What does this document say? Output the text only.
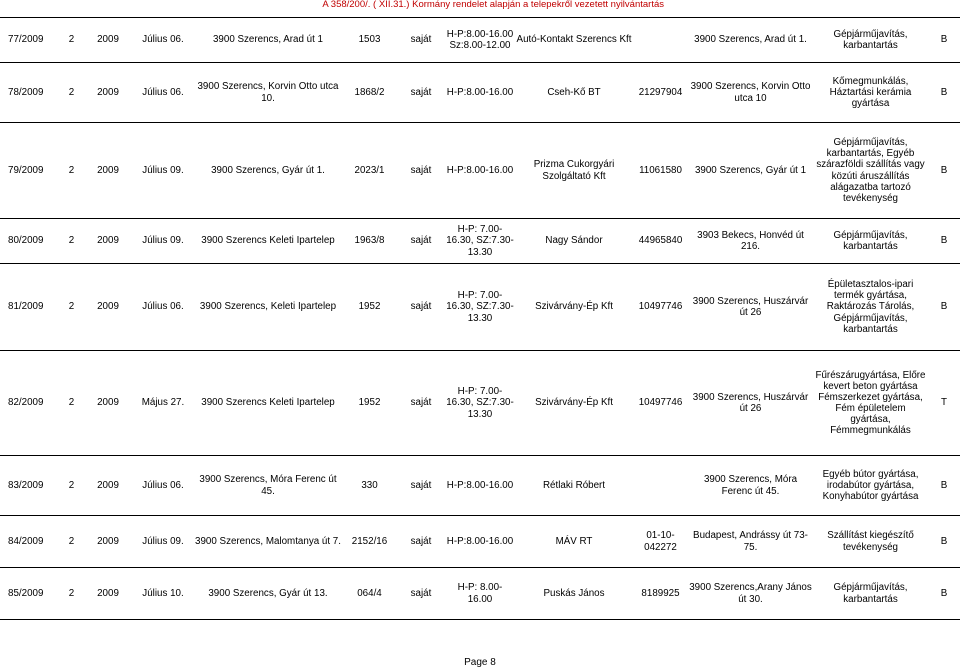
A 358/200/. ( XII.31.) Kormány rendelet alapján a telepekről vezetett nyilvántartás
77/2009	2	2009	Július 06.	3900 Szerencs, Arad út 1	1503	saját	H-P:8.00-16.00 Sz:8.00-12.00	Autó-Kontakt Szerencs Kft		3900 Szerencs, Arad út 1.	Gépjárműjavítás, karbantartás	B
78/2009	2	2009	Július 06.	3900 Szerencs, Korvin Otto utca 10.	1868/2	saját	H-P:8.00-16.00	Cseh-Kő BT	21297904	3900 Szerencs, Korvin Otto utca 10	Kőmegmunkálás, Háztartási kerámia gyártása	B
79/2009	2	2009	Július 09.	3900 Szerencs, Gyár út 1.	2023/1	saját	H-P:8.00-16.00	Prizma Cukorgyári Szolgáltató Kft	11061580	3900 Szerencs, Gyár út 1	Gépjárműjavítás, karbantartás, Egyéb szárazföldi szállítás vagy közúti áruszállítás alágazatba tartozó tevékenység	B
80/2009	2	2009	Július 09.	3900 Szerencs Keleti Ipartelep	1963/8	saját	H-P: 7.00-16.30, SZ:7.30-13.30	Nagy Sándor	44965840	3903 Bekecs, Honvéd út 216.	Gépjárműjavítás, karbantartás	B
81/2009	2	2009	Július 06.	3900 Szerencs, Keleti Ipartelep	1952	saját	H-P: 7.00-16.30, SZ:7.30-13.30	Szivárvány-Ép Kft	10497746	3900 Szerencs, Huszárvár út 26	Épületasztalos-ipari termék gyártása, Raktározás Tárolás, Gépjárműjavítás, karbantartás	B
82/2009	2	2009	Május 27.	3900 Szerencs Keleti Ipartelep	1952	saját	H-P: 7.00-16.30, SZ:7.30-13.30	Szivárvány-Ép Kft	10497746	3900 Szerencs, Huszárvár út 26	Fűrészárugyártása, Előre kevert beton gyártása Fémszerkezet gyártása, Fém épületelem gyártása, Fémmegmunkálás	T
83/2009	2	2009	Július 06.	3900 Szerencs, Móra Ferenc út 45.	330	saját	H-P:8.00-16.00	Rétlaki Róbert		3900 Szerencs, Móra Ferenc út 45.	Egyéb bútor gyártása, irodabútor gyártása, Konyhabútor gyártása	B
84/2009	2	2009	Július 09.	3900 Szerencs, Malomtanya út 7.	2152/16	saját	H-P:8.00-16.00	MÁV RT	01-10-042272	Budapest, Andrássy út 73-75.	Szállítást kiegészítő tevékenység	B
85/2009	2	2009	Július 10.	3900 Szerencs, Gyár út 13.	064/4	saját	H-P: 8.00-16.00	Puskás János	8189925	3900 Szerencs,Arany János út 30.	Gépjárműjavítás, karbantartás	B
Page 8
